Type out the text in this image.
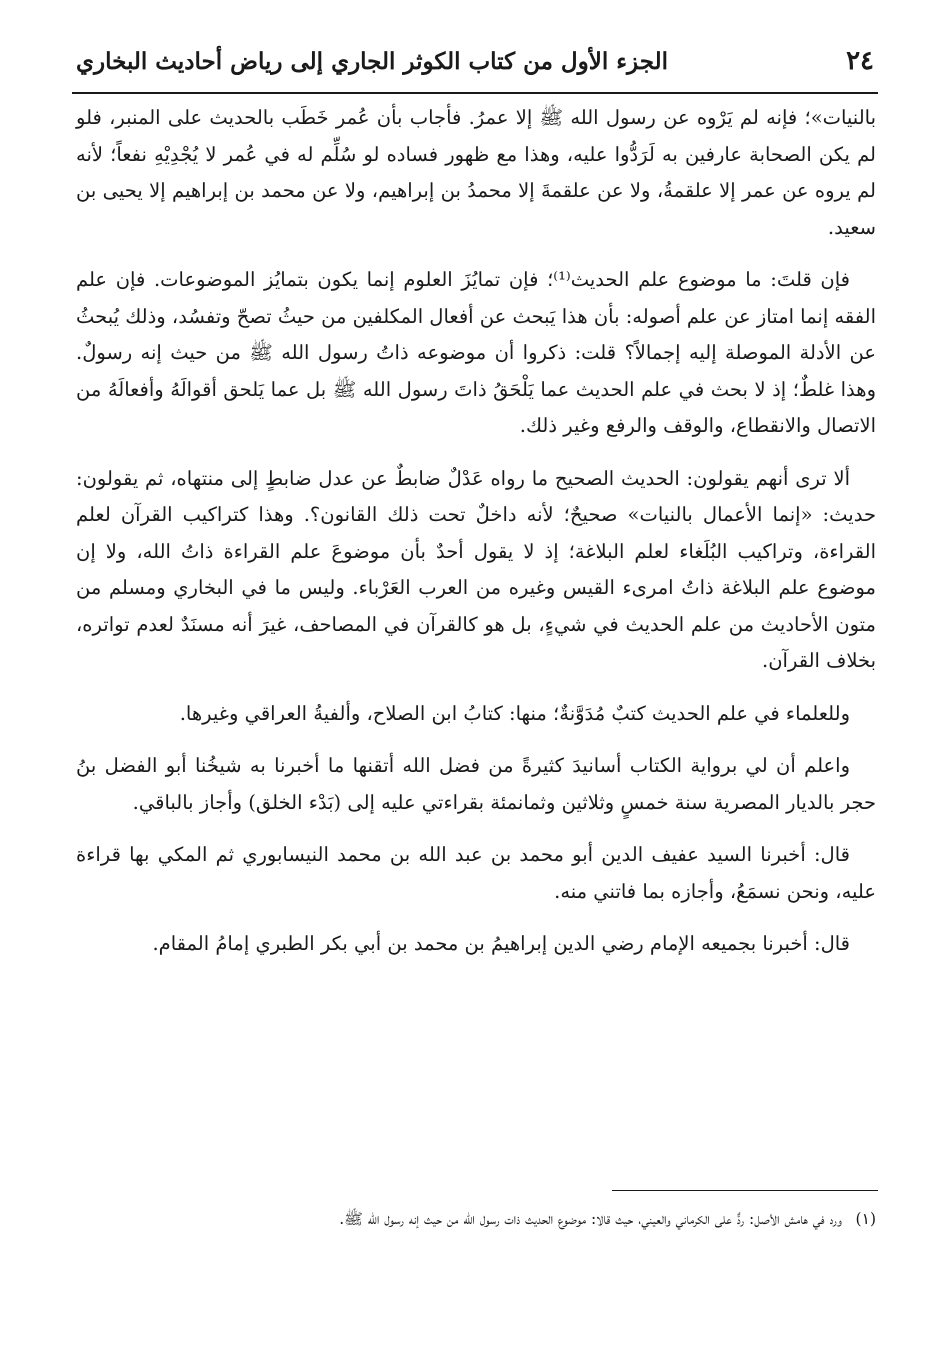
٢٤
الجزء الأول من كتاب الكوثر الجاري إلى رياض أحاديث البخاري

بالنيات»؛ فإنه لم يَرْوه عن رسول الله ﷺ إلا عمرُ. فأجاب بأن عُمر خَطَب بالحديث على المنبر، فلو لم يكن الصحابة عارفين به لَرَدُّوا عليه، وهذا مع ظهور فساده لو سُلِّم له في عُمر لا يُجْدِيْهِ نفعاً؛ لأنه لم يروه عن عمر إلا علقمةُ، ولا عن علقمةَ إلا محمدُ بن إبراهيم، ولا عن محمد بن إبراهيم إلا يحيى بن سعيد.

فإن قلتَ: ما موضوع علم الحديث⁽¹⁾؛ فإن تمايُزَ العلوم إنما يكون بتمايُز الموضوعات. فإن علم الفقه إنما امتاز عن علم أصوله: بأن هذا يَبحث عن أفعال المكلفين من حيثُ تصحّ وتفسُد، وذلك يُبحثُ عن الأدلة الموصلة إليه إجمالاً؟ قلت: ذكروا أن موضوعه ذاتُ رسول الله ﷺ من حيث إنه رسولٌ. وهذا غلطٌ؛ إذ لا بحث في علم الحديث عما يَلْحَقُ ذاتَ رسول الله ﷺ بل عما يَلحق أقوالَهُ وأفعالَهُ من الاتصال والانقطاع، والوقف والرفع وغير ذلك.

ألا ترى أنهم يقولون: الحديث الصحيح ما رواه عَدْلٌ ضابطٌ عن عدل ضابطٍ إلى منتهاه، ثم يقولون: حديث: «إنما الأعمال بالنيات» صحيحٌ؛ لأنه داخلٌ تحت ذلك القانون؟. وهذا كتراكيب القرآن لعلم القراءة، وتراكيب البُلَغاء لعلم البلاغة؛ إذ لا يقول أحدٌ بأن موضوعَ علم القراءة ذاتُ الله، ولا إن موضوع علم البلاغة ذاتُ امرىء القيس وغيره من العرب العَرْباء. وليس ما في البخاري ومسلم من متون الأحاديث من علم الحديث في شيءٍ، بل هو كالقرآن في المصاحف، غيرَ أنه مسنَدٌ لعدم تواتره، بخلاف القرآن.

وللعلماء في علم الحديث كتبٌ مُدَوَّنةٌ؛ منها: كتابُ ابن الصلاح، وألفيةُ العراقي وغيرها.

واعلم أن لي برواية الكتاب أسانيدَ كثيرةً من فضل الله أتقنها ما أخبرنا به شيخُنا أبو الفضل بنُ حجر بالديار المصرية سنة خمسٍ وثلاثين وثمانمئة بقراءتي عليه إلى (بَدْء الخلق) وأجاز بالباقي.

قال: أخبرنا السيد عفيف الدين أبو محمد بن عبد الله بن محمد النيسابوري ثم المكي بها قراءة عليه، ونحن نسمَعُ، وأجازه بما فاتني منه.

قال: أخبرنا بجميعه الإمام رضي الدين إبراهيمُ بن محمد بن أبي بكر الطبري إمامُ المقام.

(١)ورد في هامش الأصل: ردٌّ على الكرماني والعيني، حيث قالا: موضوع الحديث ذات رسول الله من حيث إنه رسول الله ﷺ.
